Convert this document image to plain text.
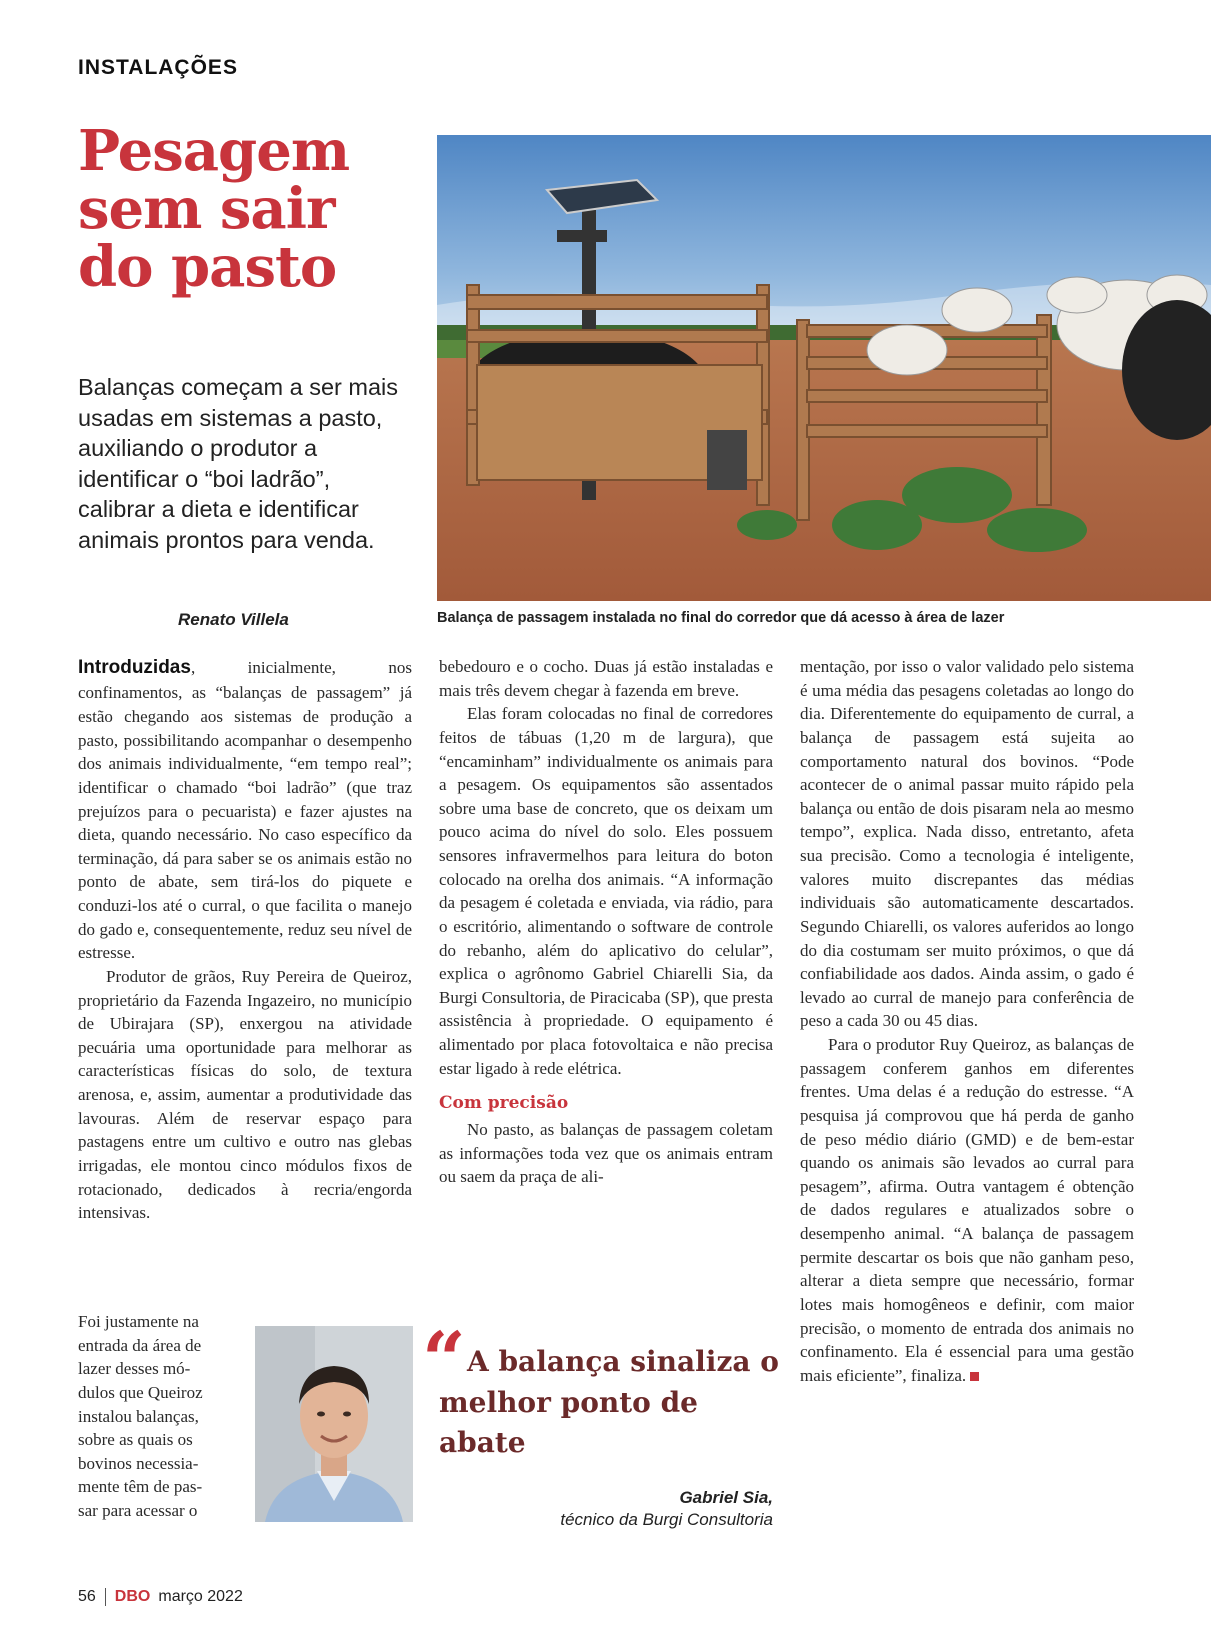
INSTALAÇÕES
Pesagem
sem sair
do pasto

Balanças começam a ser mais usadas em sistemas a pasto, auxiliando o produtor a identificar o “boi ladrão”, calibrar a dieta e identificar animais prontos para venda.

Renato Villela	Balança de passagem instalada no final do corredor que dá acesso à área de lazer

Introduzidas, inicialmente, nos confinamentos, as “balanças de passagem” já estão chegando aos sistemas de produção a pasto, possibilitando acompanhar o desempenho dos animais individualmente, “em tempo real”; identificar o chamado “boi ladrão” (que traz prejuízos para o pecuarista) e fazer ajustes na dieta, quando necessário. No caso específico da terminação, dá para saber se os animais estão no ponto de abate, sem tirá-los do piquete e conduzi-los até o curral, o que facilita o manejo do gado e, consequentemente, reduz seu nível de estresse.

Produtor de grãos, Ruy Pereira de Queiroz, proprietário da Fazenda Ingazeiro, no município de Ubirajara (SP), enxergou na atividade pecuária uma oportunidade para melhorar as características físicas do solo, de textura arenosa, e, assim, aumentar a produtividade das lavouras. Além de reservar espaço para pastagens entre um cultivo e outro nas glebas irrigadas, ele montou cinco módulos fixos de rotacionado, dedicados à recria/engorda intensivas.

Foi justamente na
entrada da área de
lazer desses mó-
dulos que Queiroz
instalou balanças,
sobre as quais os
bovinos necessia-
mente têm de pas-
sar para acessar o

bebedouro e o cocho. Duas já estão instaladas e mais três devem chegar à fazenda em breve.

Elas foram colocadas no final de corredores feitos de tábuas (1,20 m de largura), que “encaminham” individualmente os animais para a pesagem. Os equipamentos são assentados sobre uma base de concreto, que os deixam um pouco acima do nível do solo. Eles possuem sensores infravermelhos para leitura do boton colocado na orelha dos animais. “A informação da pesagem é coletada e enviada, via rádio, para o escritório, alimentando o software de controle do rebanho, além do aplicativo do celular”, explica o agrônomo Gabriel Chiarelli Sia, da Burgi Consultoria, de Piracicaba (SP), que presta assistência à propriedade. O equipamento é alimentado por placa fotovoltaica e não precisa estar ligado à rede elétrica.

Com precisão

No pasto, as balanças de passagem coletam as informações toda vez que os animais entram ou saem da praça de ali-

“ A balança sinaliza o melhor ponto de abate

Gabriel Sia,
técnico da Burgi Consultoria

mentação, por isso o valor validado pelo sistema é uma média das pesagens coletadas ao longo do dia. Diferentemente do equipamento de curral, a balança de passagem está sujeita ao comportamento natural dos bovinos. “Pode acontecer de o animal passar muito rápido pela balança ou então de dois pisaram nela ao mesmo tempo”, explica. Nada disso, entretanto, afeta sua precisão. Como a tecnologia é inteligente, valores muito discrepantes das médias individuais são automaticamente descartados. Segundo Chiarelli, os valores auferidos ao longo do dia costumam ser muito próximos, o que dá confiabilidade aos dados. Ainda assim, o gado é levado ao curral de manejo para conferência de peso a cada 30 ou 45 dias.

Para o produtor Ruy Queiroz, as balanças de passagem conferem ganhos em diferentes frentes. Uma delas é a redução do estresse. “A pesquisa já comprovou que há perda de ganho de peso médio diário (GMD) e de bem-estar quando os animais são levados ao curral para pesagem”, afirma. Outra vantagem é obtenção de dados regulares e atualizados sobre o desempenho animal. “A balança de passagem permite descartar os bois que não ganham peso, alterar a dieta sempre que necessário, formar lotes mais homogêneos e definir, com maior precisão, o momento de entrada dos animais no confinamento. Ela é essencial para uma gestão mais eficiente”, finaliza.

56 DBO março 2022
